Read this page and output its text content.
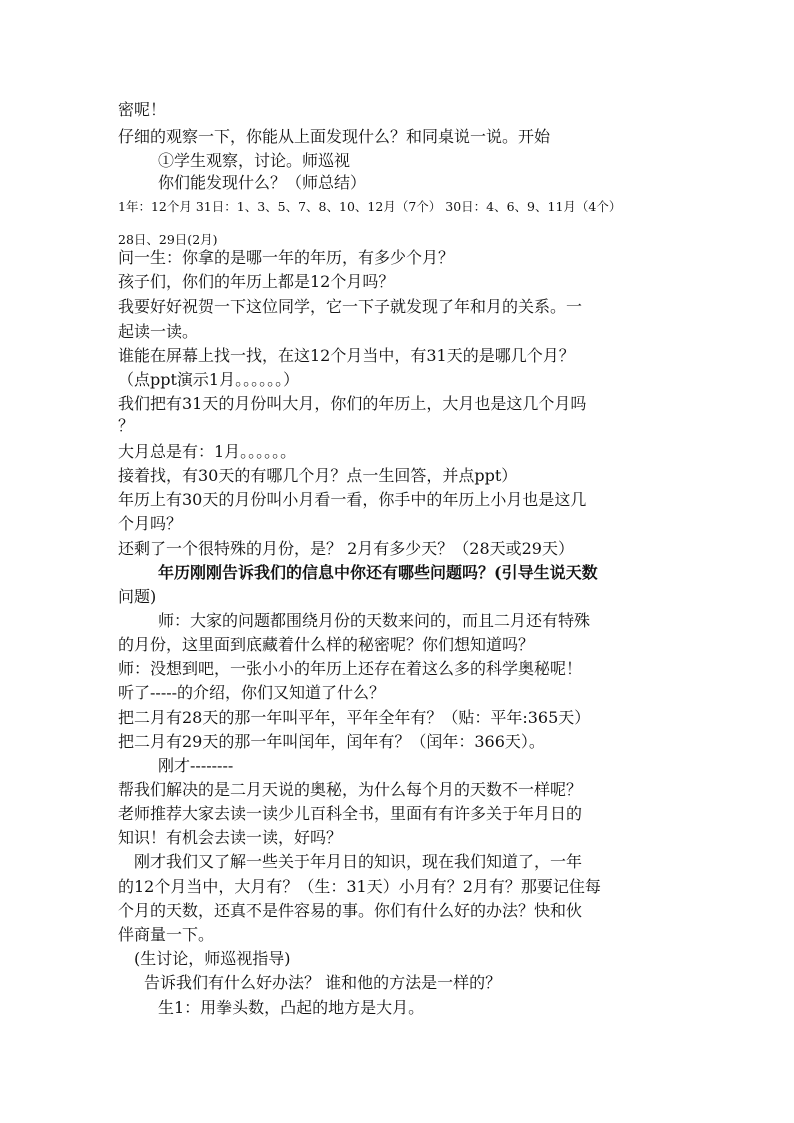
密呢！
仔细的观察一下，你能从上面发现什么？和同桌说一说。开始
①学生观察，讨论。师巡视
你们能发现什么？（师总结）
1年：12个月 31日：1、3、5、7、8、10、12月（7个） 30日：4、6、9、11月（4个）
28日、29日(2月)
问一生：你拿的是哪一年的年历，有多少个月？
孩子们，你们的年历上都是12个月吗？
我要好好祝贺一下这位同学，它一下子就发现了年和月的关系。一
起读一读。
谁能在屏幕上找一找，在这12个月当中，有31天的是哪几个月？
（点ppt演示1月。。。。。。）
我们把有31天的月份叫大月，你们的年历上，大月也是这几个月吗
？
大月总是有：1月。。。。。。
接着找，有30天的有哪几个月？点一生回答，并点ppt）
年历上有30天的月份叫小月看一看，你手中的年历上小月也是这几
个月吗？
还剩了一个很特殊的月份，是？ 2月有多少天？（28天或29天）
年历刚刚告诉我们的信息中你还有哪些问题吗？(引导生说天数
问题)
师：大家的问题都围绕月份的天数来问的，而且二月还有特殊
的月份，这里面到底藏着什么样的秘密呢？你们想知道吗？
师：没想到吧，一张小小的年历上还存在着这么多的科学奥秘呢！
听了-----的介绍，你们又知道了什么？
把二月有28天的那一年叫平年，平年全年有？（贴：平年:365天）
把二月有29天的那一年叫闰年，闰年有？（闰年：366天）。
刚才--------
帮我们解决的是二月天说的奥秘，为什么每个月的天数不一样呢？
老师推荐大家去读一读少儿百科全书，里面有有许多关于年月日的
知识！有机会去读一读，好吗？
刚才我们又了解一些关于年月日的知识，现在我们知道了，一年
的12个月当中，大月有？（生：31天）小月有？2月有？那要记住每
个月的天数，还真不是件容易的事。你们有什么好的办法？快和伙
伴商量一下。
(生讨论，师巡视指导)
告诉我们有什么好办法？ 谁和他的方法是一样的？
生1：用拳头数，凸起的地方是大月。
